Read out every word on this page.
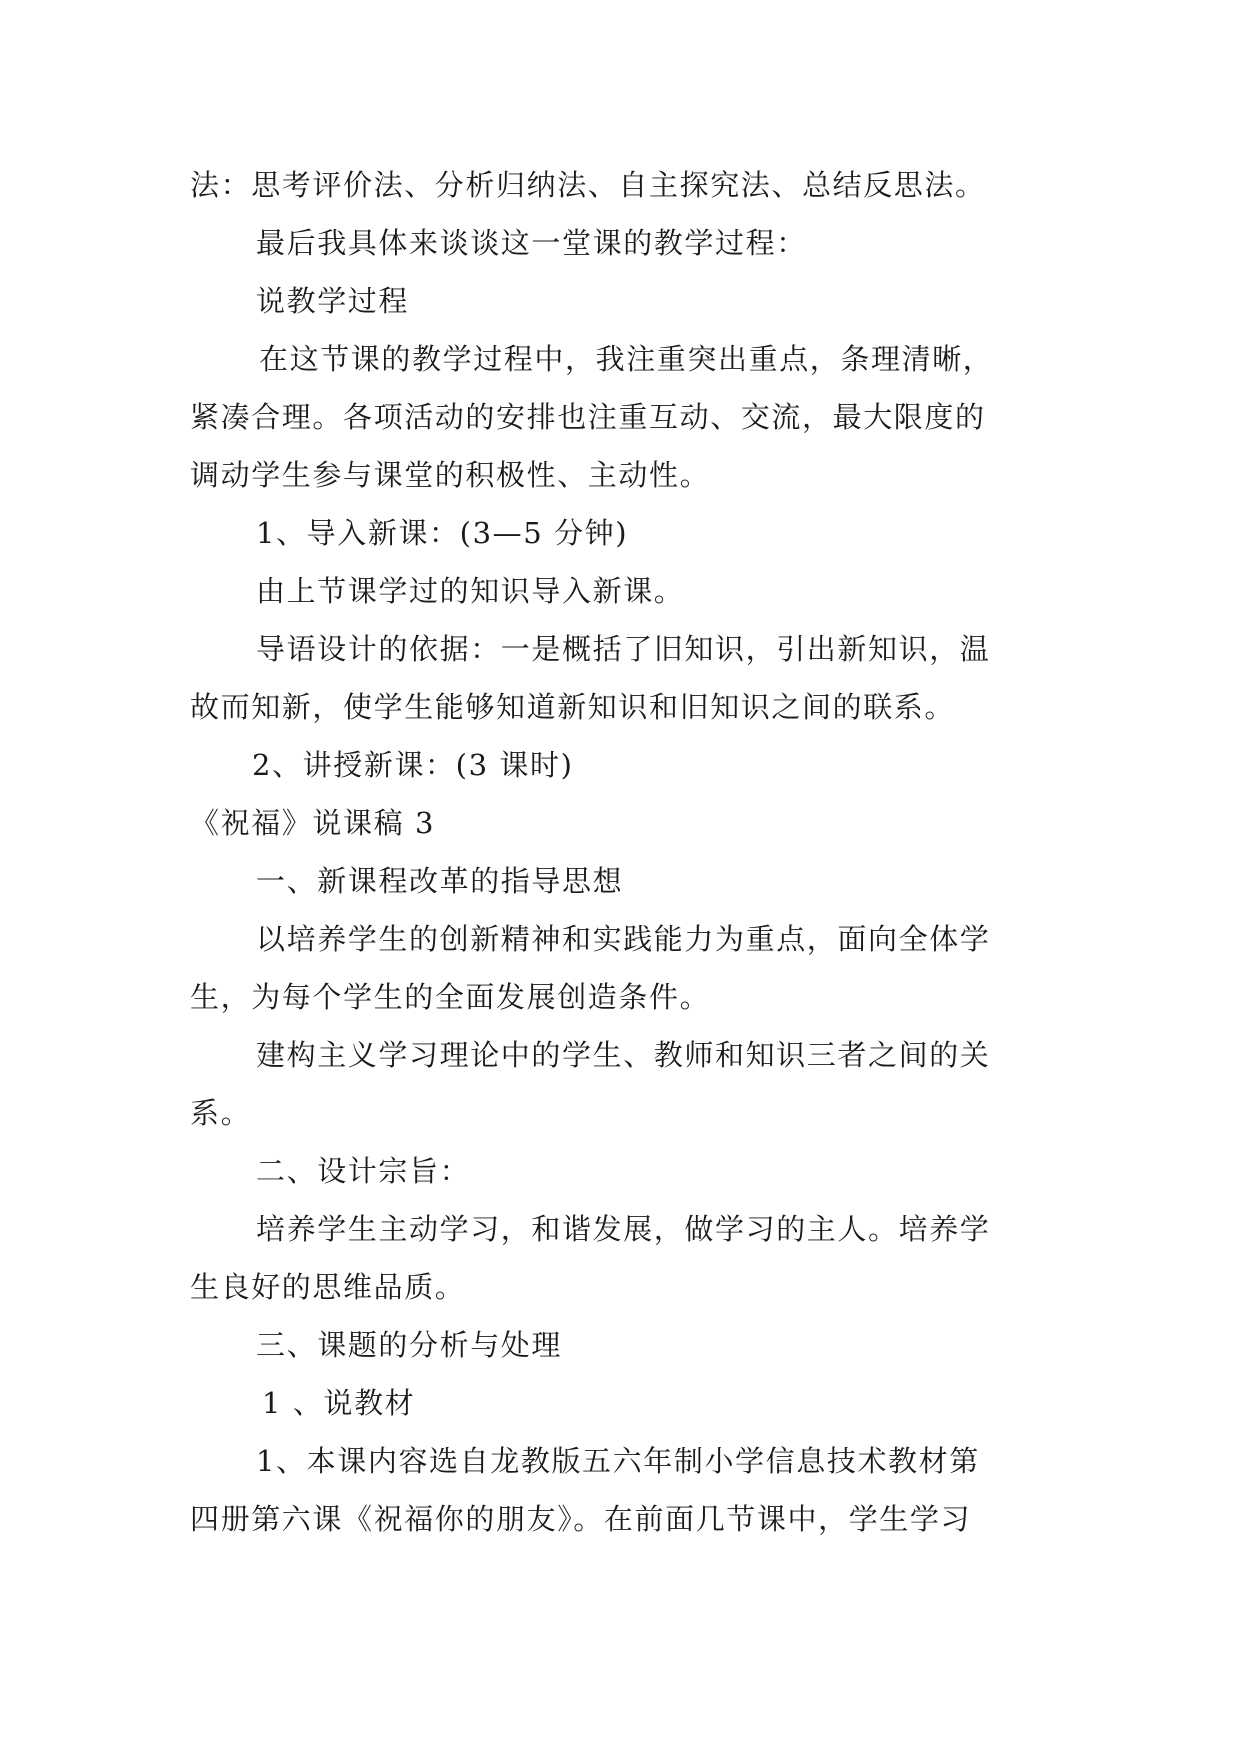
法：思考评价法、分析归纳法、自主探究法、总结反思法。
最后我具体来谈谈这一堂课的教学过程：
说教学过程
在这节课的教学过程中，我注重突出重点，条理清晰，
紧凑合理。各项活动的安排也注重互动、交流，最大限度的
调动学生参与课堂的积极性、主动性。
1、导入新课：(3—5 分钟)
由上节课学过的知识导入新课。
导语设计的依据：一是概括了旧知识，引出新知识，温
故而知新，使学生能够知道新知识和旧知识之间的联系。
2、讲授新课：(3 课时)
《祝福》说课稿 3
一、新课程改革的指导思想
以培养学生的创新精神和实践能力为重点，面向全体学
生，为每个学生的全面发展创造条件。
建构主义学习理论中的学生、教师和知识三者之间的关
系。
二、设计宗旨：
培养学生主动学习，和谐发展，做学习的主人。培养学
生良好的思维品质。
三、课题的分析与处理
1 、说教材
1、本课内容选自龙教版五六年制小学信息技术教材第
四册第六课《祝福你的朋友》。在前面几节课中，学生学习
